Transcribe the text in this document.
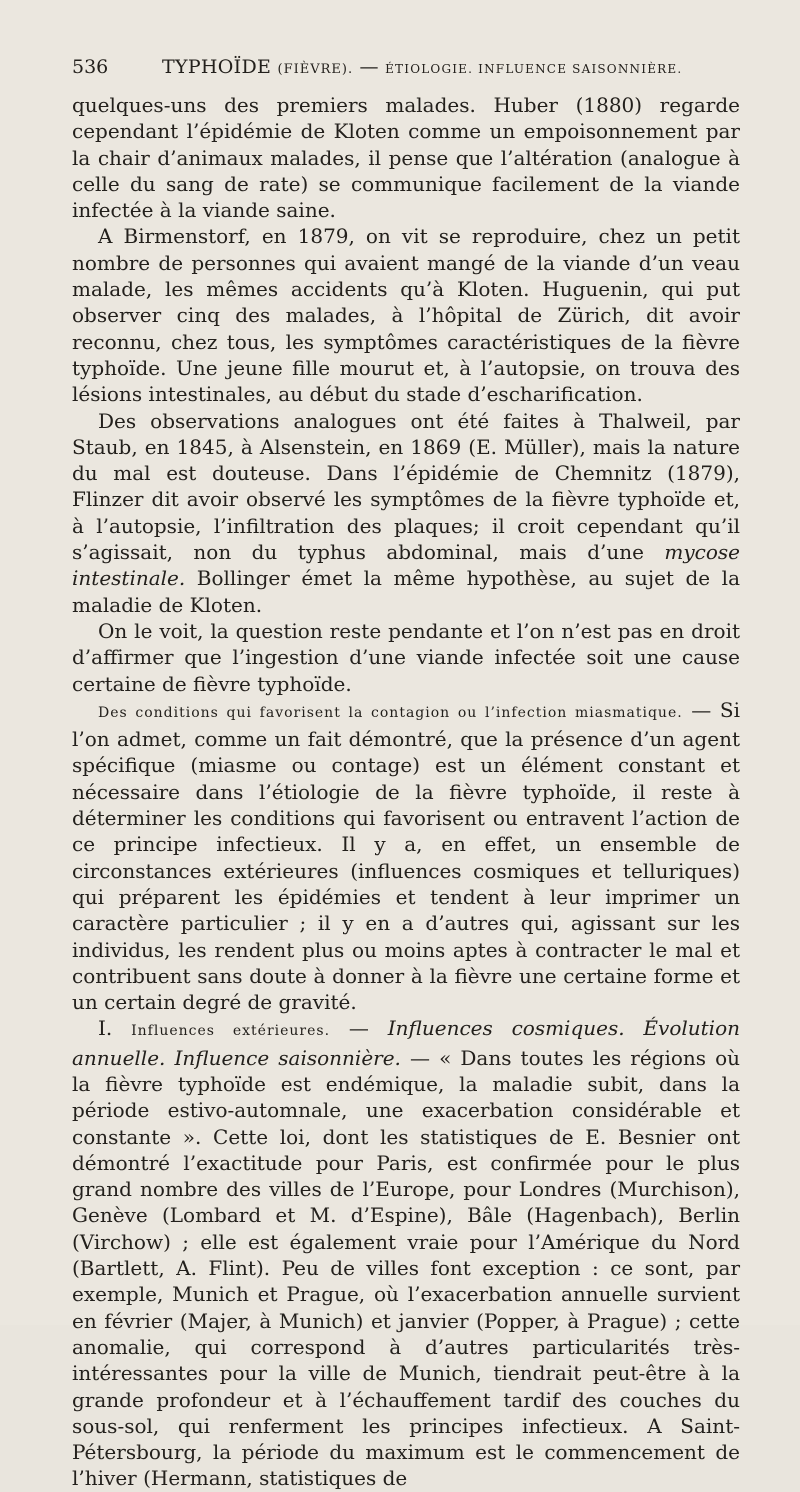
536	TYPHOÏDE (FIÈVRE). — ÉTIOLOGIE. INFLUENCE SAISONNIÈRE.

quelques-uns des premiers malades. Huber (1880) regarde cependant l’épidémie de Kloten comme un empoisonnement par la chair d’animaux malades, il pense que l’altération (analogue à celle du sang de rate) se communique facilement de la viande infectée à la viande saine.

A Birmenstorf, en 1879, on vit se reproduire, chez un petit nombre de personnes qui avaient mangé de la viande d’un veau malade, les mêmes accidents qu’à Kloten. Huguenin, qui put observer cinq des malades, à l’hôpital de Zürich, dit avoir reconnu, chez tous, les symptômes caractéristiques de la fièvre typhoïde. Une jeune fille mourut et, à l’autopsie, on trouva des lésions intestinales, au début du stade d’escharification.

Des observations analogues ont été faites à Thalweil, par Staub, en 1845, à Alsenstein, en 1869 (E. Müller), mais la nature du mal est douteuse. Dans l’épidémie de Chemnitz (1879), Flinzer dit avoir observé les symptômes de la fièvre typhoïde et, à l’autopsie, l’infiltration des plaques; il croit cependant qu’il s’agissait, non du typhus abdominal, mais d’une mycose intestinale. Bollinger émet la même hypothèse, au sujet de la maladie de Kloten.

On le voit, la question reste pendante et l’on n’est pas en droit d’affirmer que l’ingestion d’une viande infectée soit une cause certaine de fièvre typhoïde.

Des conditions qui favorisent la contagion ou l’infection miasmatique. — Si l’on admet, comme un fait démontré, que la présence d’un agent spécifique (miasme ou contage) est un élément constant et nécessaire dans l’étiologie de la fièvre typhoïde, il reste à déterminer les conditions qui favorisent ou entravent l’action de ce principe infectieux. Il y a, en effet, un ensemble de circonstances extérieures (influences cosmiques et telluriques) qui préparent les épidémies et tendent à leur imprimer un caractère particulier ; il y en a d’autres qui, agissant sur les individus, les rendent plus ou moins aptes à contracter le mal et contribuent sans doute à donner à la fièvre une certaine forme et un certain degré de gravité.

I. Influences extérieures. — Influences cosmiques. Évolution annuelle. Influence saisonnière. — « Dans toutes les régions où la fièvre typhoïde est endémique, la maladie subit, dans la période estivo-automnale, une exacerbation considérable et constante ». Cette loi, dont les statistiques de E. Besnier ont démontré l’exactitude pour Paris, est confirmée pour le plus grand nombre des villes de l’Europe, pour Londres (Murchison), Genève (Lombard et M. d’Espine), Bâle (Hagenbach), Berlin (Virchow) ; elle est également vraie pour l’Amérique du Nord (Bartlett, A. Flint). Peu de villes font exception : ce sont, par exemple, Munich et Prague, où l’exacerbation annuelle survient en février (Majer, à Munich) et janvier (Popper, à Prague) ; cette anomalie, qui correspond à d’autres particularités très-intéressantes pour la ville de Munich, tiendrait peut-être à la grande profondeur et à l’échauffement tardif des couches du sous-sol, qui renferment les principes infectieux. A Saint-Pétersbourg, la période du maximum est le commencement de l’hiver (Hermann, statistiques de
